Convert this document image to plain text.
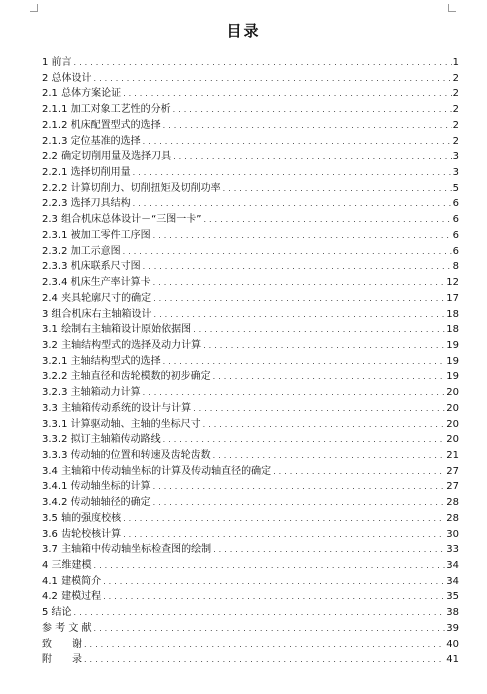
目录
1 前言 .....	1
2 总体设计 .....	2
2.1 总体方案论证 .....	2
2.1.1 加工对象工艺性的分析 .....	2
2.1.2 机床配置型式的选择 .....	2
2.1.3 定位基准的选择 .....	2
2.2 确定切削用量及选择刀具 .....	3
2.2.1 选择切削用量 .....	3
2.2.2 计算切削力、切削扭矩及切削功率 .....	5
2.2.3 选择刀具结构 .....	6
2.3 组合机床总体设计－“三图一卡” .....	6
2.3.1 被加工零件工序图 .....	6
2.3.2 加工示意图 .....	6
2.3.3 机床联系尺寸图 .....	8
2.3.4 机床生产率计算卡 .....	12
2.4 夹具轮廓尺寸的确定 .....	17
3 组合机床右主轴箱设计 .....	18
3.1 绘制右主轴箱设计原始依据图 .....	18
3.2 主轴结构型式的选择及动力计算 .....	19
3.2.1 主轴结构型式的选择 .....	19
3.2.2 主轴直径和齿轮模数的初步确定 .....	19
3.2.3 主轴箱动力计算 .....	20
3.3 主轴箱传动系统的设计与计算 .....	20
3.3.1 计算驱动轴、主轴的坐标尺寸 .....	20
3.3.2 拟订主轴箱传动路线 .....	20
3.3.3 传动轴的位置和转速及齿轮齿数 .....	21
3.4 主轴箱中传动轴坐标的计算及传动轴直径的确定 .....	27
3.4.1 传动轴坐标的计算 .....	27
3.4.2 传动轴轴径的确定 .....	28
3.5 轴的强度校核 .....	28
3.6 齿轮校核计算 .....	30
3.7 主轴箱中传动轴坐标检查图的绘制 .....	33
4 三维建模 .....	34
4.1 建模简介 .....	34
4.2 建模过程 .....	35
5 结论 .....	38
参 考 文 献 .....	39
致　　谢 .....	40
附　　录 .....	41
